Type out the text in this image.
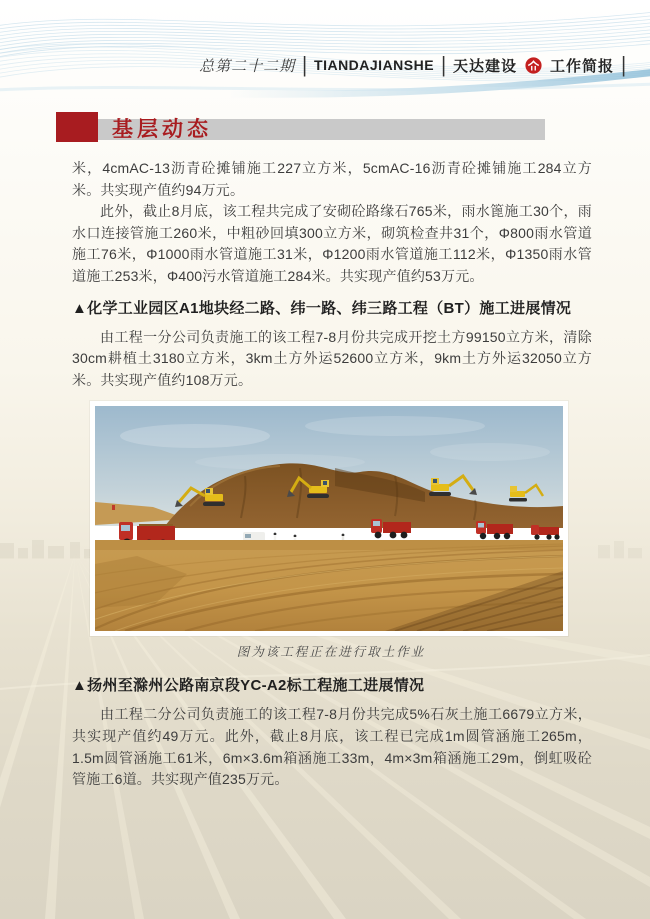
总第二十二期 | TIANDAJIANSHE | 天达建设 工作简报 |
基层动态

米，4cmAC-13沥青砼摊铺施工227立方米，5cmAC-16沥青砼摊铺施工284立方米。共实现产值约94万元。

此外，截止8月底，该工程共完成了安砌砼路缘石765米，雨水篦施工30个，雨水口连接管施工260米，中粗砂回填300立方米，砌筑检查井31个，Φ800雨水管道施工76米，Φ1000雨水管道施工31米，Φ1200雨水管道施工112米，Φ1350雨水管道施工253米，Φ400污水管道施工284米。共实现产值约53万元。

▲化学工业园区A1地块经二路、纬一路、纬三路工程（BT）施工进展情况

由工程一分公司负责施工的该工程7-8月份共完成开挖土方99150立方米，清除30cm耕植土3180立方米，3km土方外运52600立方米，9km土方外运32050立方米。共实现产值约108万元。

图为该工程正在进行取土作业
▲扬州至滁州公路南京段YC-A2标工程施工进展情况

由工程二分公司负责施工的该工程7-8月份共完成5%石灰土施工6679立方米，共实现产值约49万元。此外，截止8月底，该工程已完成1m圆管涵施工265m，1.5m圆管涵施工61米，6m×3.6m箱涵施工33m，4m×3m箱涵施工29m，倒虹吸砼管施工6道。共实现产值235万元。
